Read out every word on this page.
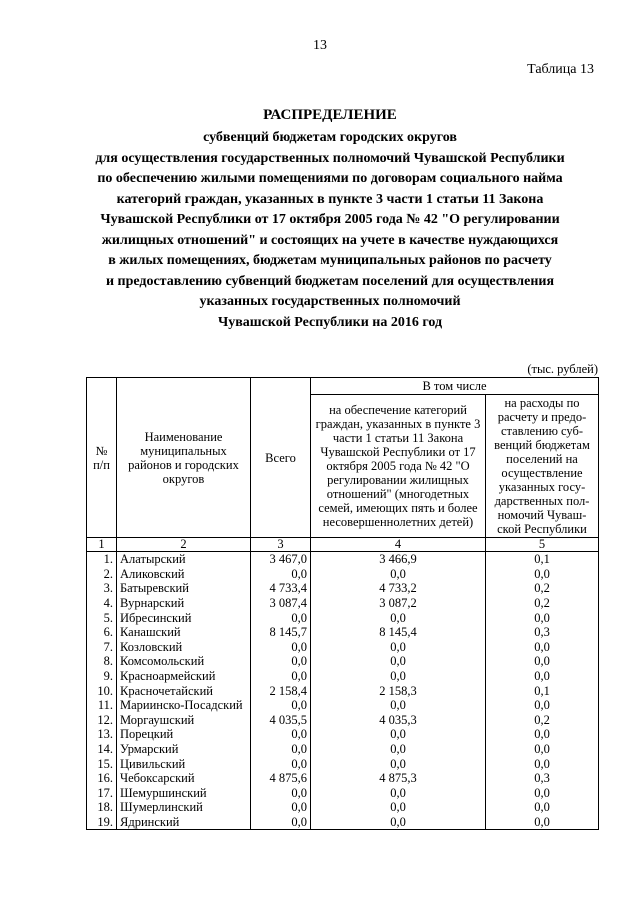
13
Таблица 13
РАСПРЕДЕЛЕНИЕ
субвенций бюджетам городских округов
для осуществления государственных полномочий Чувашской Республики
по обеспечению жилыми помещениями по договорам социального найма
категорий граждан, указанных в пункте 3 части 1 статьи 11 Закона
Чувашской Республики от 17 октября 2005 года № 42 "О регулировании
жилищных отношений" и состоящих на учете в качестве нуждающихся
в жилых помещениях, бюджетам муниципальных районов по расчету
и предоставлению субвенций бюджетам поселений для осуществления
указанных государственных полномочий
Чувашской Республики на 2016 год
(тыс. рублей)
№ п/п	Наименование муниципальных районов и городских округов	Всего	В том числе	
			на обеспечение категорий граждан, указанных в пункте 3 части 1 статьи 11 Закона Чувашской Республики от 17 октября 2005 года № 42 "О регулировании жилищных отношений" (многодетных семей, имеющих пять и более несовершеннолетних детей)	на расходы по расчету и предо-ставлению суб-венций бюджетам поселений на осуществление указанных госу-дарственных пол-номочий Чуваш-ской Республики
1	2	3	4	5
1.	Алатырский	3 467,0	3 466,9	0,1
2.	Аликовский	0,0	0,0	0,0
3.	Батыревский	4 733,4	4 733,2	0,2
4.	Вурнарский	3 087,4	3 087,2	0,2
5.	Ибресинский	0,0	0,0	0,0
6.	Канашский	8 145,7	8 145,4	0,3
7.	Козловский	0,0	0,0	0,0
8.	Комсомольский	0,0	0,0	0,0
9.	Красноармейский	0,0	0,0	0,0
10.	Красночетайский	2 158,4	2 158,3	0,1
11.	Мариинско-Посадский	0,0	0,0	0,0
12.	Моргаушский	4 035,5	4 035,3	0,2
13.	Порецкий	0,0	0,0	0,0
14.	Урмарский	0,0	0,0	0,0
15.	Цивильский	0,0	0,0	0,0
16.	Чебоксарский	4 875,6	4 875,3	0,3
17.	Шемуршинский	0,0	0,0	0,0
18.	Шумерлинский	0,0	0,0	0,0
19.	Ядринский	0,0	0,0	0,0
